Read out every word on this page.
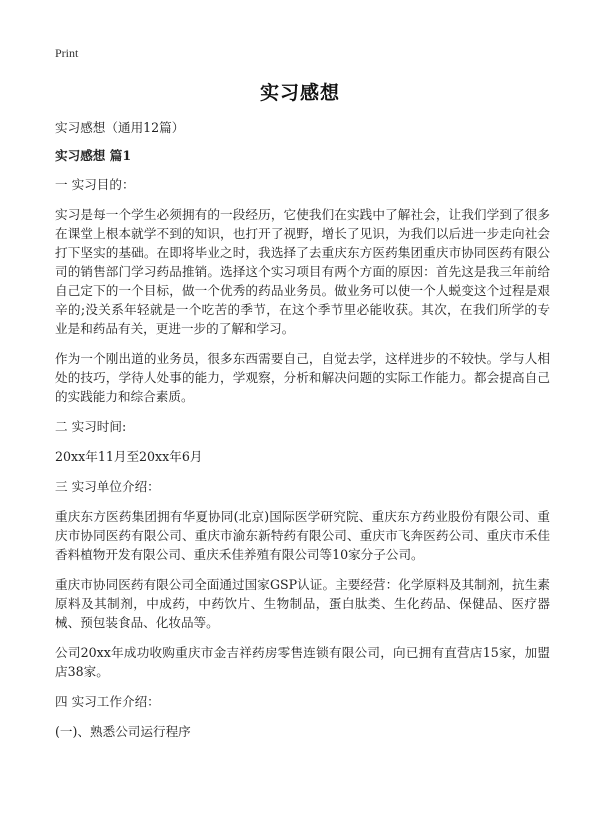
Print
实习感想

实习感想（通用12篇）

实习感想 篇1

一 实习目的：

实习是每一个学生必须拥有的一段经历，它使我们在实践中了解社会，让我们学到了很多在课堂上根本就学不到的知识，也打开了视野，增长了见识，为我们以后进一步走向社会打下坚实的基础。在即将毕业之时，我选择了去重庆东方医药集团重庆市协同医药有限公司的销售部门学习药品推销。选择这个实习项目有两个方面的原因：首先这是我三年前给自己定下的一个目标，做一个优秀的药品业务员。做业务可以使一个人蜕变这个过程是艰辛的;没关系年轻就是一个吃苦的季节，在这个季节里必能收获。其次，在我们所学的专业是和药品有关，更进一步的了解和学习。

作为一个刚出道的业务员，很多东西需要自己，自觉去学，这样进步的不较快。学与人相处的技巧，学待人处事的能力，学观察，分析和解决问题的实际工作能力。都会提高自己的实践能力和综合素质。

二 实习时间:

20xx年11月至20xx年6月

三 实习单位介绍：

重庆东方医药集团拥有华夏协同(北京)国际医学研究院、重庆东方药业股份有限公司、重庆市协同医药有限公司、重庆市渝东新特药有限公司、重庆市飞奔医药公司、重庆市禾佳香料植物开发有限公司、重庆禾佳养殖有限公司等10家分子公司。

重庆市协同医药有限公司全面通过国家GSP认证。主要经营：化学原料及其制剂，抗生素原料及其制剂，中成药，中药饮片、生物制品，蛋白肽类、生化药品、保健品、医疗器械、预包装食品、化妆品等。

公司20xx年成功收购重庆市金吉祥药房零售连锁有限公司，向已拥有直营店15家，加盟店38家。

四 实习工作介绍：

(一)、熟悉公司运行程序
